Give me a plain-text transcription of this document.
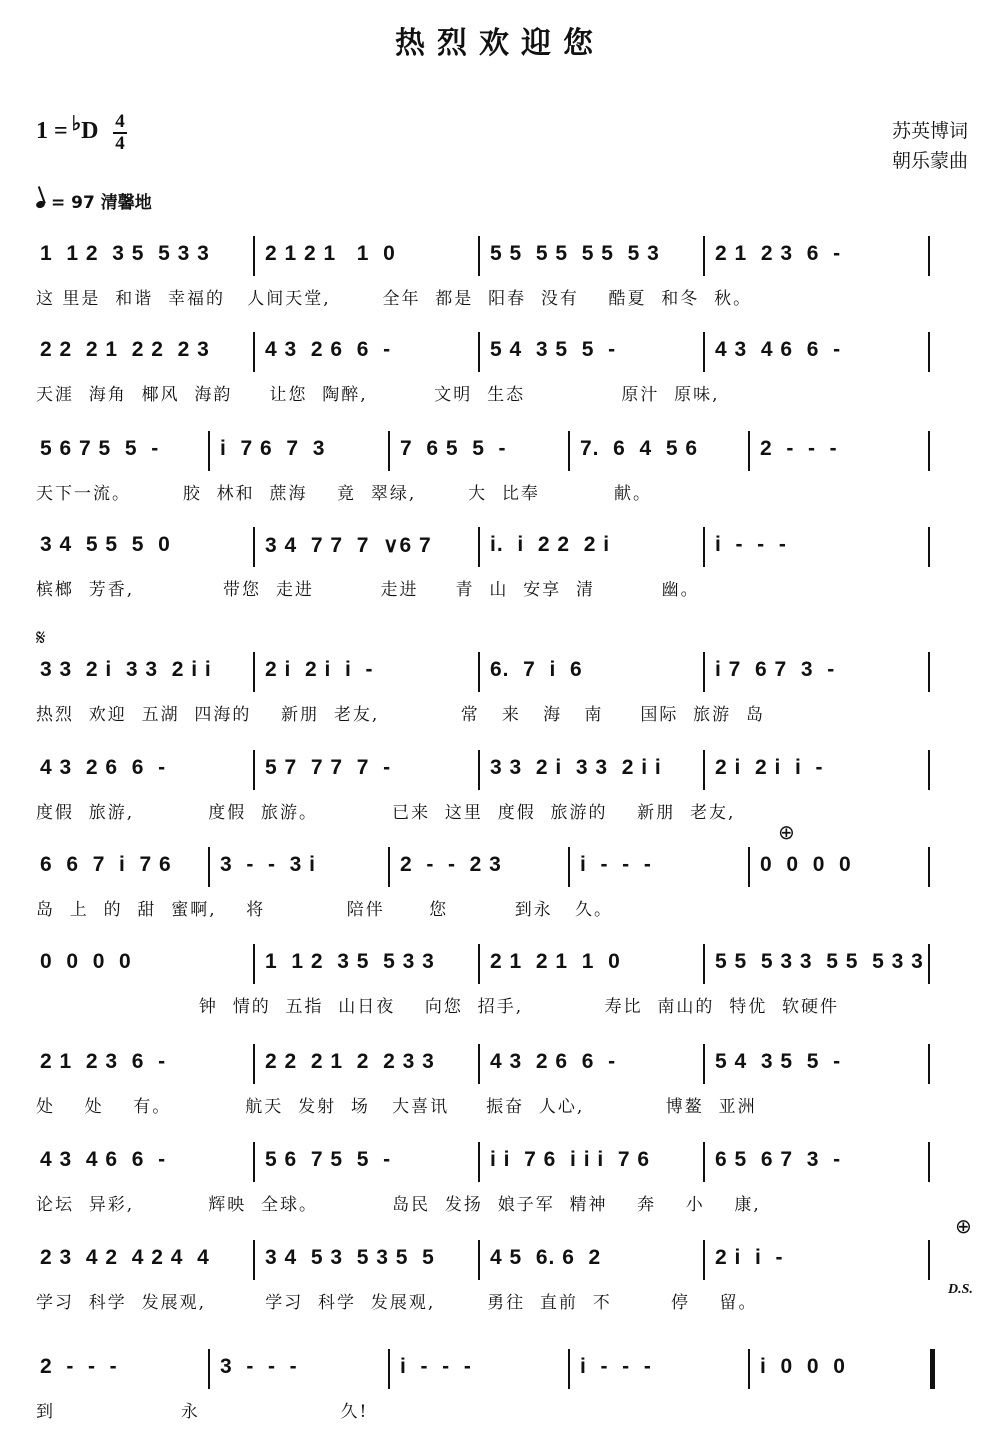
热烈欢迎您
1 = ♭D 4
4
苏英博词
朝乐蒙曲
= 97 清馨地
𝄋
1  1 2  3 5  5 3 3	2 1 2 1   1  0	5 5  5 5  5 5  5 3	2 1  2 3  6  -
这 里是  和谐  幸福的   人间天堂,       全年  都是  阳春  没有    酷夏  和冬  秋。
2 2  2 1  2 2  2 3	4 3  2 6  6  -	5 4  3 5  5  -	4 3  4 6  6  -
天涯  海角  椰风  海韵     让您  陶醉,         文明  生态             原汁  原味,
5 6 7 5  5  -	i  7 6  7  3	7  6 5  5  -	7.  6  4  5 6	2  -  -  -
天下一流。       胶  林和  蔗海    竟  翠绿,       大  比奉          献。
3 4  5 5  5  0	3 4  7 7  7  ∨6 7	i.  i  2 2  2 i	i  -  -  -
槟榔  芳香,            带您  走进         走进     青  山  安享  清         幽。
3 3  2 i  3 3  2 i i	2 i  2 i  i  -	6.  7  i  6	i 7  6 7  3  -
热烈  欢迎  五湖  四海的    新朋  老友,           常   来   海   南     国际  旅游  岛
4 3  2 6  6  -	5 7  7 7  7  -	3 3  2 i  3 3  2 i i	2 i  2 i  i  -
度假  旅游,          度假  旅游。          已来  这里  度假  旅游的    新朋  老友,
6  6  7  i  7 6 3  -  -  3 i	2  -  -  2 3	i  -  -  -	0  0  0  0
岛  上  的  甜  蜜啊,    将           陪伴      您         到永   久。
0  0  0  0	1  1 2  3 5  5 3 3	2 1  2 1  1  0	5 5  5 3 3  5 5  5 3 3
钟  情的  五指  山日夜    向您  招手,           寿比  南山的  特优  软硬件
2 1  2 3  6  -	2 2  2 1  2  2 3 3	4 3  2 6  6  -	5 4  3 5  5  -
处    处    有。          航天  发射  场   大喜讯     振奋  人心,           博鳌  亚洲
4 3  4 6  6  -	5 6  7 5  5  -	i i  7 6  i i i  7 6	6 5  6 7  3  -
论坛  异彩,          辉映  全球。          岛民  发扬  娘子军  精神    奔    小    康,
2 3  4 2  4 2 4  4	3 4  5 3  5 3 5  5	4 5  6. 6  2	2 i  i  -
学习  科学  发展观,        学习  科学  发展观,       勇往  直前  不        停    留。
2  -  -  -	3  -  -  -	i  -  -  -	i  -  -  -	i  0  0  0
到                 永                   久!
⊕
⊕
D.S.
